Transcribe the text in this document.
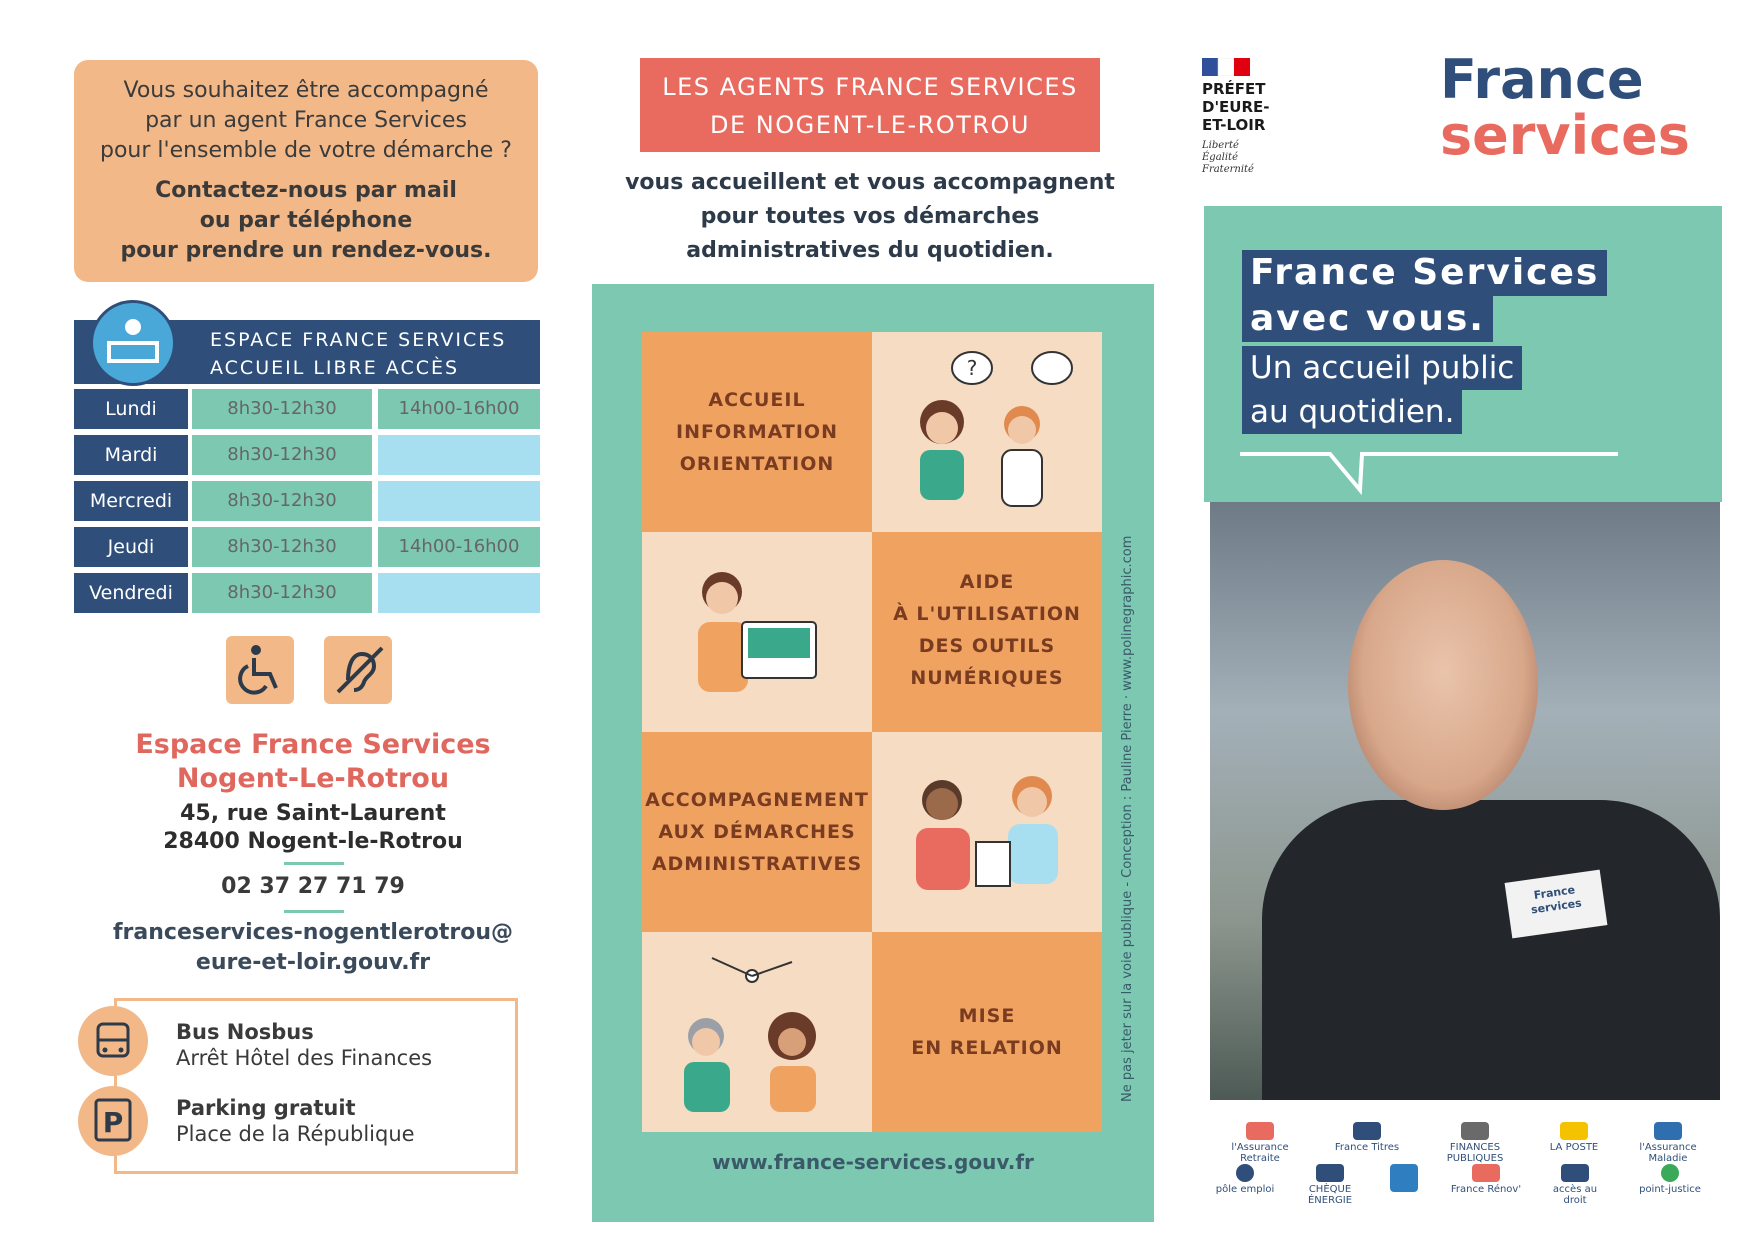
Vous souhaitez être accompagné
par un agent France Services
pour l'ensemble de votre démarche ?
Contactez-nous par mail
ou par téléphone
pour prendre un rendez-vous.
ESPACE FRANCE SERVICES
ACCUEIL LIBRE ACCÈS
Lundi	8h30-12h30	14h00-16h00
Mardi	8h30-12h30
Mercredi	8h30-12h30
Jeudi	8h30-12h30	14h00-16h00
Vendredi	8h30-12h30
Espace France Services
Nogent-Le-Rotrou
45, rue Saint-Laurent
28400 Nogent-le-Rotrou
02 37 27 71 79
franceservices-nogentlerotrou@
eure-et-loir.gouv.fr
Bus Nosbus
Arrêt Hôtel des Finances
P	Parking gratuit
Place de la République
LES AGENTS FRANCE SERVICES
DE NOGENT-LE-ROTROU
vous accueillent et vous accompagnent
pour toutes vos démarches
administratives du quotidien.
ACCUEIL
INFORMATION
ORIENTATION
?
AIDE
À L'UTILISATION
DES OUTILS
NUMÉRIQUES
ACCOMPAGNEMENT
AUX DÉMARCHES
ADMINISTRATIVES
MISE
EN RELATION
www.france-services.gouv.fr
Ne pas jeter sur la voie publique - Conception : Pauline Pierre · www.polinegraphic.com
PRÉFET
D'EURE-
ET-LOIR
Liberté
Égalité
Fraternité
France
services
France Services
avec vous.
Un accueil public
au quotidien.
France services
l'Assurance Retraite
France Titres	FINANCES PUBLIQUES
LA POSTE	l'Assurance Maladie
pôle emploi	CHÈQUE ÉNERGIE
France Rénov'	accès au droit
point-justice
